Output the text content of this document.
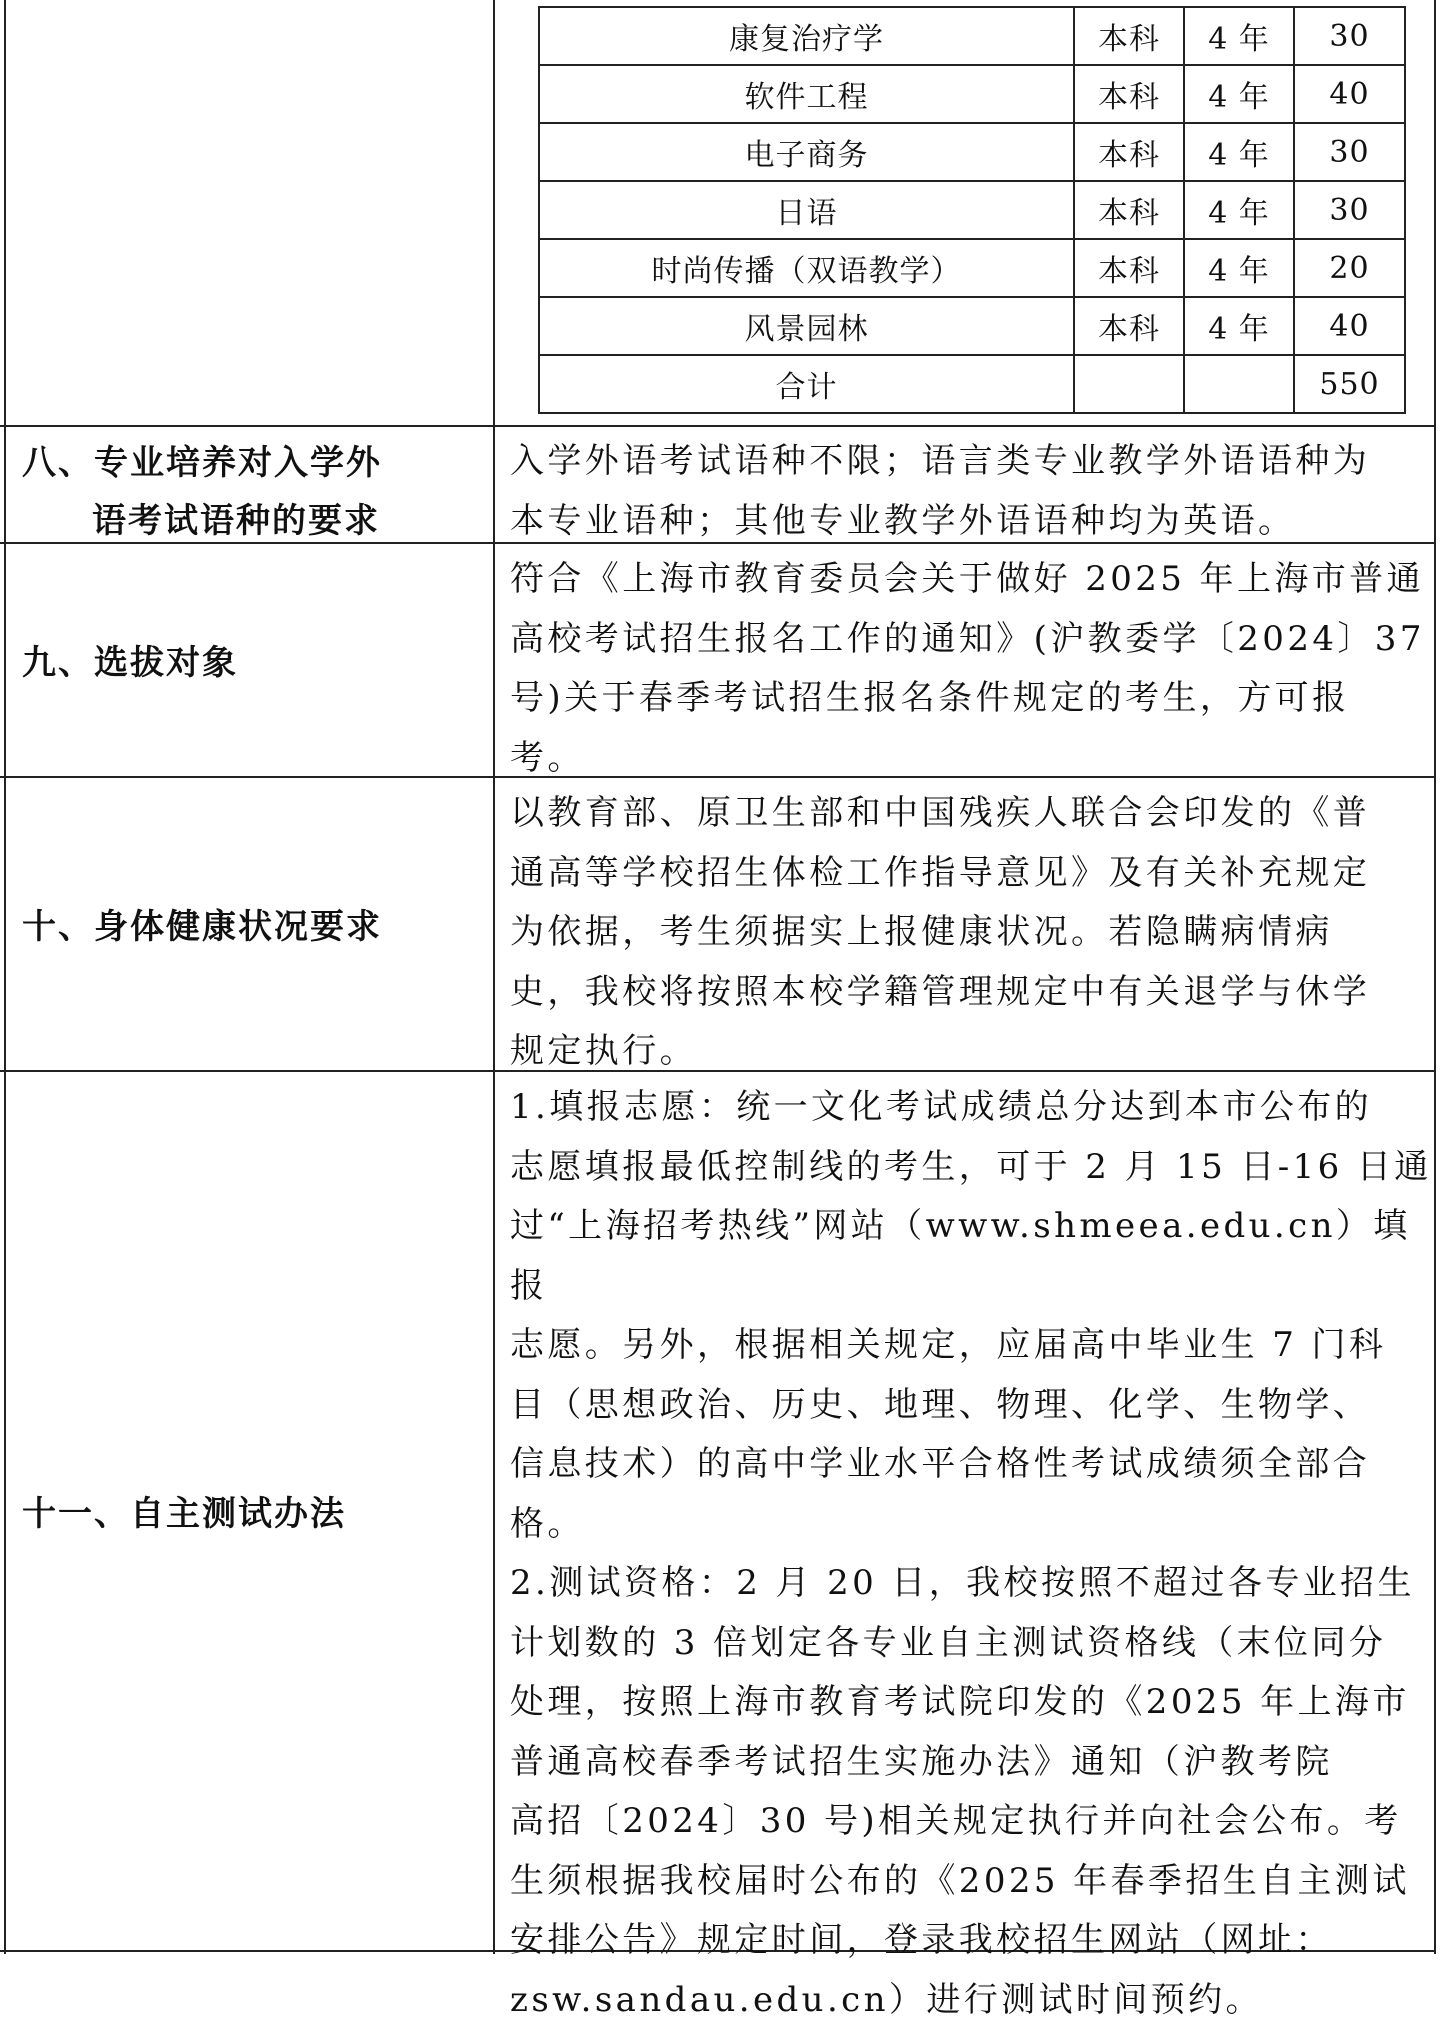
康复治疗学	本科	4 年	30
软件工程	本科	4 年	40
电子商务	本科	4 年	30
日语	本科	4 年	30
时尚传播（双语教学）	本科	4 年	20
风景园林	本科	4 年	40
合计			550
八、专业培养对入学外
语考试语种的要求

入学外语考试语种不限；语言类专业教学外语语种为

本专业语种；其他专业教学外语语种均为英语。

九、选拔对象

符合《上海市教育委员会关于做好 2025 年上海市普通

高校考试招生报名工作的通知》(沪教委学〔2024〕37

号)关于春季考试招生报名条件规定的考生，方可报

考。

十、身体健康状况要求

以教育部、原卫生部和中国残疾人联合会印发的《普

通高等学校招生体检工作指导意见》及有关补充规定

为依据，考生须据实上报健康状况。若隐瞒病情病

史，我校将按照本校学籍管理规定中有关退学与休学

规定执行。

十一、自主测试办法

1.填报志愿：统一文化考试成绩总分达到本市公布的

志愿填报最低控制线的考生，可于 2 月 15 日-16 日通

过“上海招考热线”网站（www.shmeea.edu.cn）填报

志愿。另外，根据相关规定，应届高中毕业生 7 门科

目（思想政治、历史、地理、物理、化学、生物学、

信息技术）的高中学业水平合格性考试成绩须全部合

格。

2.测试资格：2 月 20 日，我校按照不超过各专业招生

计划数的 3 倍划定各专业自主测试资格线（末位同分

处理，按照上海市教育考试院印发的《2025 年上海市

普通高校春季考试招生实施办法》通知（沪教考院

高招〔2024〕30 号)相关规定执行并向社会公布。考

生须根据我校届时公布的《2025 年春季招生自主测试

安排公告》规定时间，登录我校招生网站（网址：

zsw.sandau.edu.cn）进行测试时间预约。
